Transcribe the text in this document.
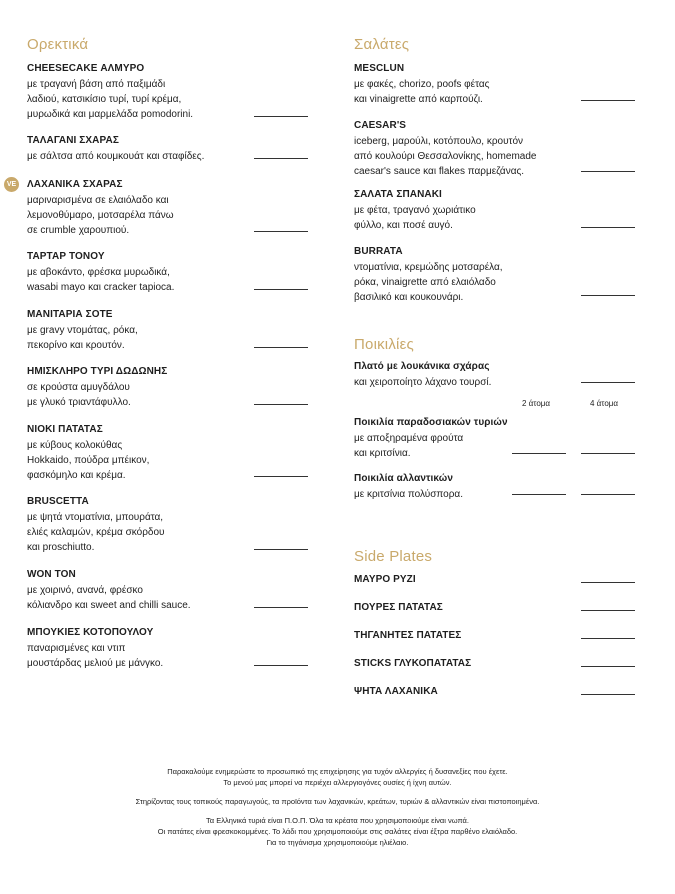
Ορεκτικά
CHEESECAKE ΑΛΜΥΡΟ
με τραγανή βάση από παξιμάδι
λαδιού, κατσικίσιο τυρί, τυρί κρέμα,
μυρωδικά και μαρμελάδα pomodorini.
ΤΑΛΑΓΑΝΙ ΣΧΑΡΑΣ
με σάλτσα από κουμκουάτ και σταφίδες.
ΛΑΧΑΝΙΚΑ ΣΧΑΡΑΣ
μαριναρισμένα σε ελαιόλαδο και
λεμονοθύμαρο, μοτσαρέλα πάνω
σε crumble χαρουπιού.
ΤΑΡΤΑΡ ΤΟΝΟΥ
με αβοκάντο, φρέσκα μυρωδικά,
wasabi mayo και cracker tapioca.
ΜΑΝΙΤΑΡΙΑ ΣΟΤΕ
με gravy ντομάτας, ρόκα,
πεκορίνο και κρουτόν.
ΗΜΙΣΚΛΗΡΟ ΤΥΡΙ ΔΩΔΩΝΗΣ
σε κρούστα αμυγδάλου
με γλυκό τριαντάφυλλο.
ΝΙΟΚΙ ΠΑΤΑΤΑΣ
με κύβους κολοκύθας
Hokkaido, πούδρα μπέικον,
φασκόμηλο και κρέμα.
BRUSCETTA
με ψητά ντοματίνια, μπουράτα,
ελιές καλαμών, κρέμα σκόρδου
και proschiutto.
WON TON
με χοιρινό, ανανά, φρέσκο
κόλιανδρο και sweet and chilli sauce.
ΜΠΟΥΚΙΕΣ ΚΟΤΟΠΟΥΛΟΥ
παναρισμένες και ντιπ
μουστάρδας μελιού με μάνγκο.
VE
Σαλάτες
MESCLUN
με φακές, chorizo, poofs φέτας
και vinaigrette από καρπούζι.
CAESAR'S
iceberg, μαρούλι, κοτόπουλο, κρουτόν
από κουλούρι Θεσσαλονίκης, homemade
caesar's sauce και flakes παρμεζάνας.
ΣΑΛΑΤΑ ΣΠΑΝΑΚΙ
με φέτα, τραγανό χωριάτικο
φύλλο, και ποσέ αυγό.
BURRATA
ντοματίνια, κρεμώδης μοτσαρέλα,
ρόκα, vinaigrette από ελαιόλαδο
βασιλικό και κουκουνάρι.
Ποικιλίες
Πλατό με λουκάνικα σχάρας
και χειροποίητο λάχανο τουρσί.
2 άτομα	4 άτομα
Ποικιλία παραδοσιακών τυριών
με αποξηραμένα φρούτα
και κριτσίνια.
Ποικιλία αλλαντικών
με κριτσίνια πολύσπορα.
Side Plates
ΜΑΥΡΟ ΡΥΖΙ
ΠΟΥΡΕΣ ΠΑΤΑΤΑΣ
ΤΗΓΑΝΗΤΕΣ ΠΑΤΑΤΕΣ
STICKS ΓΛΥΚΟΠΑΤΑΤΑΣ
ΨΗΤΑ ΛΑΧΑΝΙΚΑ

Παρακαλούμε ενημερώστε το προσωπικό της επιχείρησης για τυχόν αλλεργίες ή δυσανεξίες που έχετε.

Το μενού μας μπορεί να περιέχει αλλεργιογόνες ουσίες ή ίχνη αυτών.

Στηρίζοντας τους τοπικούς παραγωγούς, τα προϊόντα των λαχανικών, κρεάτων, τυριών & αλλαντικών είναι πιστοποιημένα.

Τα Ελληνικά τυριά είναι Π.Ο.Π. Όλα τα κρέατα που χρησιμοποιούμε είναι νωπά.

Οι πατάτες είναι φρεσκοκομμένες. Το λάδι που χρησιμοποιούμε στις σαλάτες είναι έξτρα παρθένο ελαιόλαδο.

Για το τηγάνισμα χρησιμοποιούμε ηλιέλαιο.
